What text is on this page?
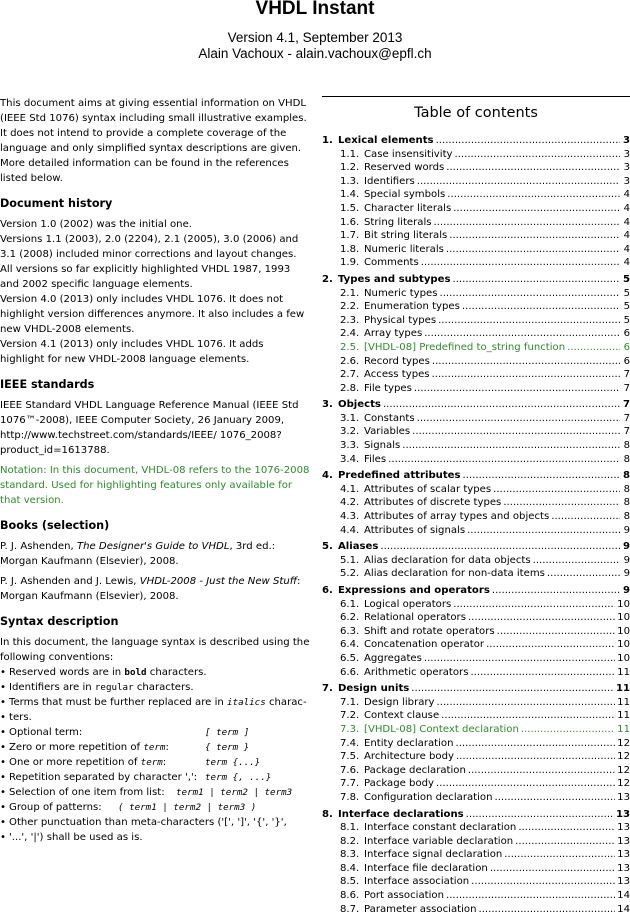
VHDL Instant
Version 4.1, September 2013
Alain Vachoux - alain.vachoux@epfl.ch

This document aims at giving essential information on VHDL (IEEE Std 1076) syntax including small illustrative examples. It does not intend to provide a complete coverage of the language and only simplified syntax descriptions are given. More detailed information can be found in the references listed below.

Document history

Version 1.0 (2002) was the initial one.

Versions 1.1 (2003), 2.0 (2204), 2.1 (2005), 3.0 (2006) and 3.1 (2008) included minor corrections and layout changes. All versions so far explicitly highlighted VHDL 1987, 1993 and 2002 specific language elements.

Version 4.0 (2013) only includes VHDL 1076. It does not highlight version differences anymore. It also includes a few new VHDL-2008 elements.

Version 4.1 (2013) only includes VHDL 1076. It adds highlight for new VHDL-2008 language elements.

IEEE standards

IEEE Standard VHDL Language Reference Manual (IEEE Std 1076™-2008), IEEE Computer Society, 26 January 2009, http://www.techstreet.com/standards/IEEE/ 1076_2008?product_id=1613788.

Notation: In this document, VHDL-08 refers to the 1076-2008 standard. Used for highlighting features only available for that version.

Books (selection)

P. J. Ashenden, The Designer's Guide to VHDL, 3rd ed.: Morgan Kaufmann (Elsevier), 2008.

P. J. Ashenden and J. Lewis, VHDL-2008 - Just the New Stuff: Morgan Kaufmann (Elsevier), 2008.

Syntax description

In this document, the language syntax is described using the following conventions:

• Reserved words are in bold characters.
• Identifiers are in regular characters.
• Terms that must be further replaced are in italics charac-
• ters.
• Optional term:	[ term ]
• Zero or more repetition of term:	{ term }
• One or more repetition of term:	term {...}
• Repetition separated by character ',': term {, ...}
• Selection of one item from list: term1 | term2 | term3
• Group of patterns: ( term1 | term2 | term3 )
• Other punctuation than meta-characters ('[', ']', '{', '}',
• '...', '|') shall be used as is.
Table of contents
1. Lexical elements .....	3
1.1. Case insensitivity .....	3
1.2. Reserved words .....	3
1.3. Identifiers .....	3
1.4. Special symbols .....	4
1.5. Character literals .....	4
1.6. String literals .....	4
1.7. Bit string literals .....	4
1.8. Numeric literals .....	4
1.9. Comments .....	4
2. Types and subtypes .....	5
2.1. Numeric types .....	5
2.2. Enumeration types .....	5
2.3. Physical types .....	5
2.4. Array types .....	6
2.5. [VHDL-08] Predefined to_string function .....	6
2.6. Record types .....	6
2.7. Access types .....	7
2.8. File types .....	7
3. Objects .....	7
3.1. Constants .....	7
3.2. Variables .....	7
3.3. Signals .....	8
3.4. Files .....	8
4. Predefined attributes .....	8
4.1. Attributes of scalar types .....	8
4.2. Attributes of discrete types .....	8
4.3. Attributes of array types and objects .....	8
4.4. Attributes of signals .....	9
5. Aliases .....	9
5.1. Alias declaration for data objects .....	9
5.2. Alias declaration for non-data items .....	9
6. Expressions and operators .....	9
6.1. Logical operators .....	10
6.2. Relational operators .....	10
6.3. Shift and rotate operators .....	10
6.4. Concatenation operator .....	10
6.5. Aggregates .....	10
6.6. Arithmetic operators .....	11
7. Design units .....	11
7.1. Design library .....	11
7.2. Context clause .....	11
7.3. [VHDL-08] Context declaration .....	11
7.4. Entity declaration .....	12
7.5. Architecture body .....	12
7.6. Package declaration .....	12
7.7. Package body .....	12
7.8. Configuration declaration .....	13
8. Interface declarations .....	13
8.1. Interface constant declaration .....	13
8.2. Interface variable declaration .....	13
8.3. Interface signal declaration .....	13
8.4. Interface file declaration .....	13
8.5. Interface association .....	13
8.6. Port association .....	14
8.7. Parameter association .....	14
